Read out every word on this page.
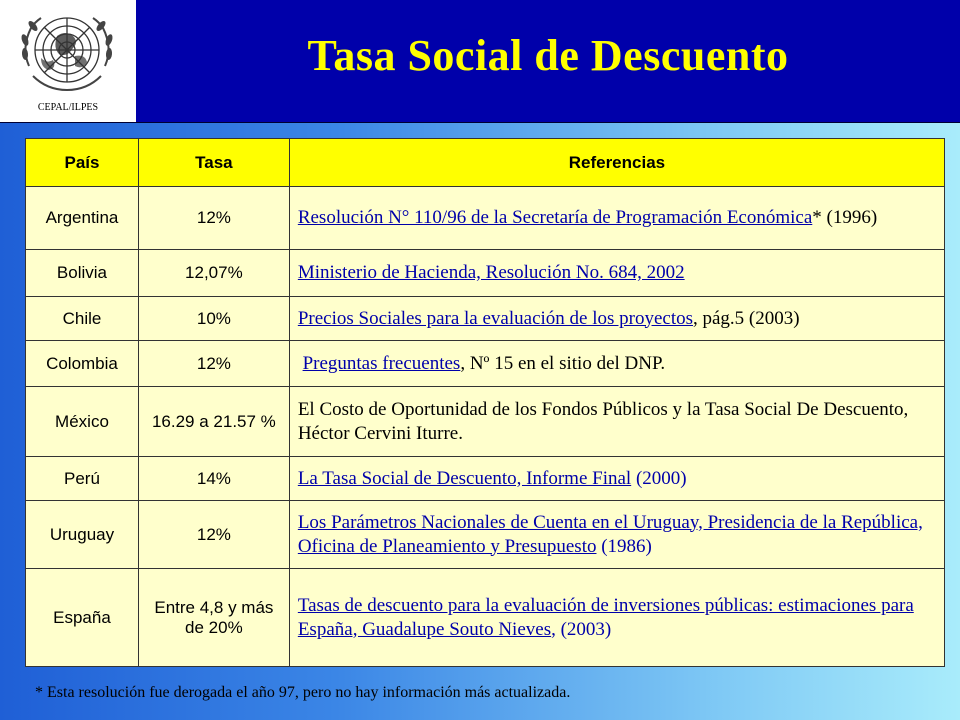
CEPAL/ILPES
Tasa Social de Descuento
País	Tasa	Referencias
Argentina	12%	Resolución N° 110/96 de la Secretaría de Programación Económica* (1996)
Bolivia	12,07%	Ministerio de Hacienda, Resolución No. 684, 2002
Chile	10%	Precios Sociales para la evaluación de los proyectos, pág.5 (2003)
Colombia	12%	Preguntas frecuentes, Nº 15 en el sitio del DNP.
México	16.29 a 21.57 %	El Costo de Oportunidad de los Fondos Públicos y la Tasa Social De Descuento, Héctor Cervini Iturre.
Perú	14%	La Tasa Social de Descuento, Informe Final (2000)
Uruguay	12%	Los Parámetros Nacionales de Cuenta en el Uruguay, Presidencia de la República, Oficina de Planeamiento y Presupuesto (1986)
España	Entre 4,8 y más de 20%	Tasas de descuento para la evaluación de inversiones públicas: estimaciones para España, Guadalupe Souto Nieves, (2003)
* Esta resolución fue derogada el año 97, pero no hay información más actualizada.
